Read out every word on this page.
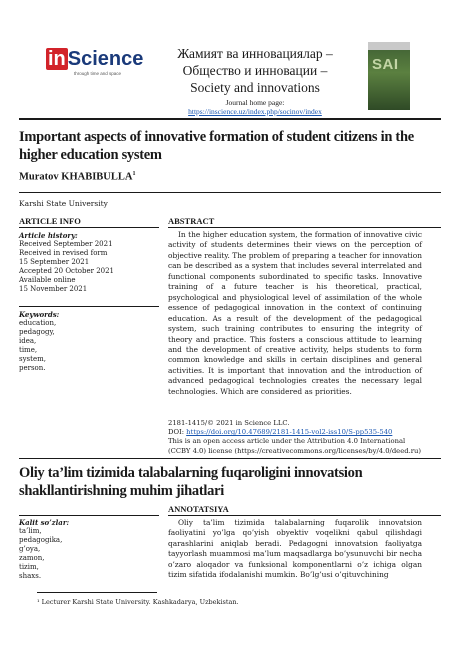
in Science
through time and space
Жамият ва инновациялар –
Общество и инновации –
Society and innovations
Journal home page:
https://inscience.uz/index.php/socinov/index
SAI
Important aspects of innovative formation of student citizens in the higher education system
Muratov KHABIBULLA$^1$
Karshi State University
ARTICLE INFO
Article history:
Received September 2021
Received in revised form
15 September 2021
Accepted 20 October 2021
Available online
15 November 2021
Keywords:
education,
pedagogy,
idea,
time,
system,
person.
ABSTRACT
In the higher education system, the formation of innovative civic activity of students determines their views on the perception of objective reality. The problem of preparing a teacher for innovation can be described as a system that includes several interrelated and functional components subordinated to specific tasks. Innovative training of a future teacher is his theoretical, practical, psychological and physiological level of assimilation of the whole essence of pedagogical innovation in the context of continuing education. As a result of the development of the pedagogical system, such training contributes to ensuring the integrity of theory and practice. This fosters a conscious attitude to learning and the development of creative activity, helps students to form common knowledge and skills in certain disciplines and general activities. It is important that innovation and the introduction of advanced pedagogical technologies creates the necessary legal technologies. Which are considered as priorities.
2181-1415/© 2021 in Science LLC.
DOI: https://doi.org/10.47689/2181-1415-vol2-iss10/S-pp535-540
This is an open access article under the Attribution 4.0 International (CCBY 4.0) license (https://creativecommons.org/licenses/by/4.0/deed.ru)
Oliy ta’lim tizimida talabalarning fuqaroligini innovatsion shakllantirishning muhim jihatlari
ANNOTATSIYA
Kalit so’zlar:
ta’lim,
pedagogika,
g’oya,
zamon,
tizim,
shaxs.
Oliy ta’lim tizimida talabalarning fuqarolik innovatsion faoliyatini yo’lga qo’yish obyektiv voqelikni qabul qilishdagi qarashlarini aniqlab beradi. Pedagogni innovatsion faoliyatga tayyorlash muammosi ma’lum maqsadlarga bo’ysunuvchi bir necha o’zaro aloqador va funksional komponentlarni o’z ichiga olgan tizim sifatida ifodalanishi mumkin. Bo’lg’usi o’qituvchining
¹ Lecturer Karshi State University. Kashkadarya, Uzbekistan.
